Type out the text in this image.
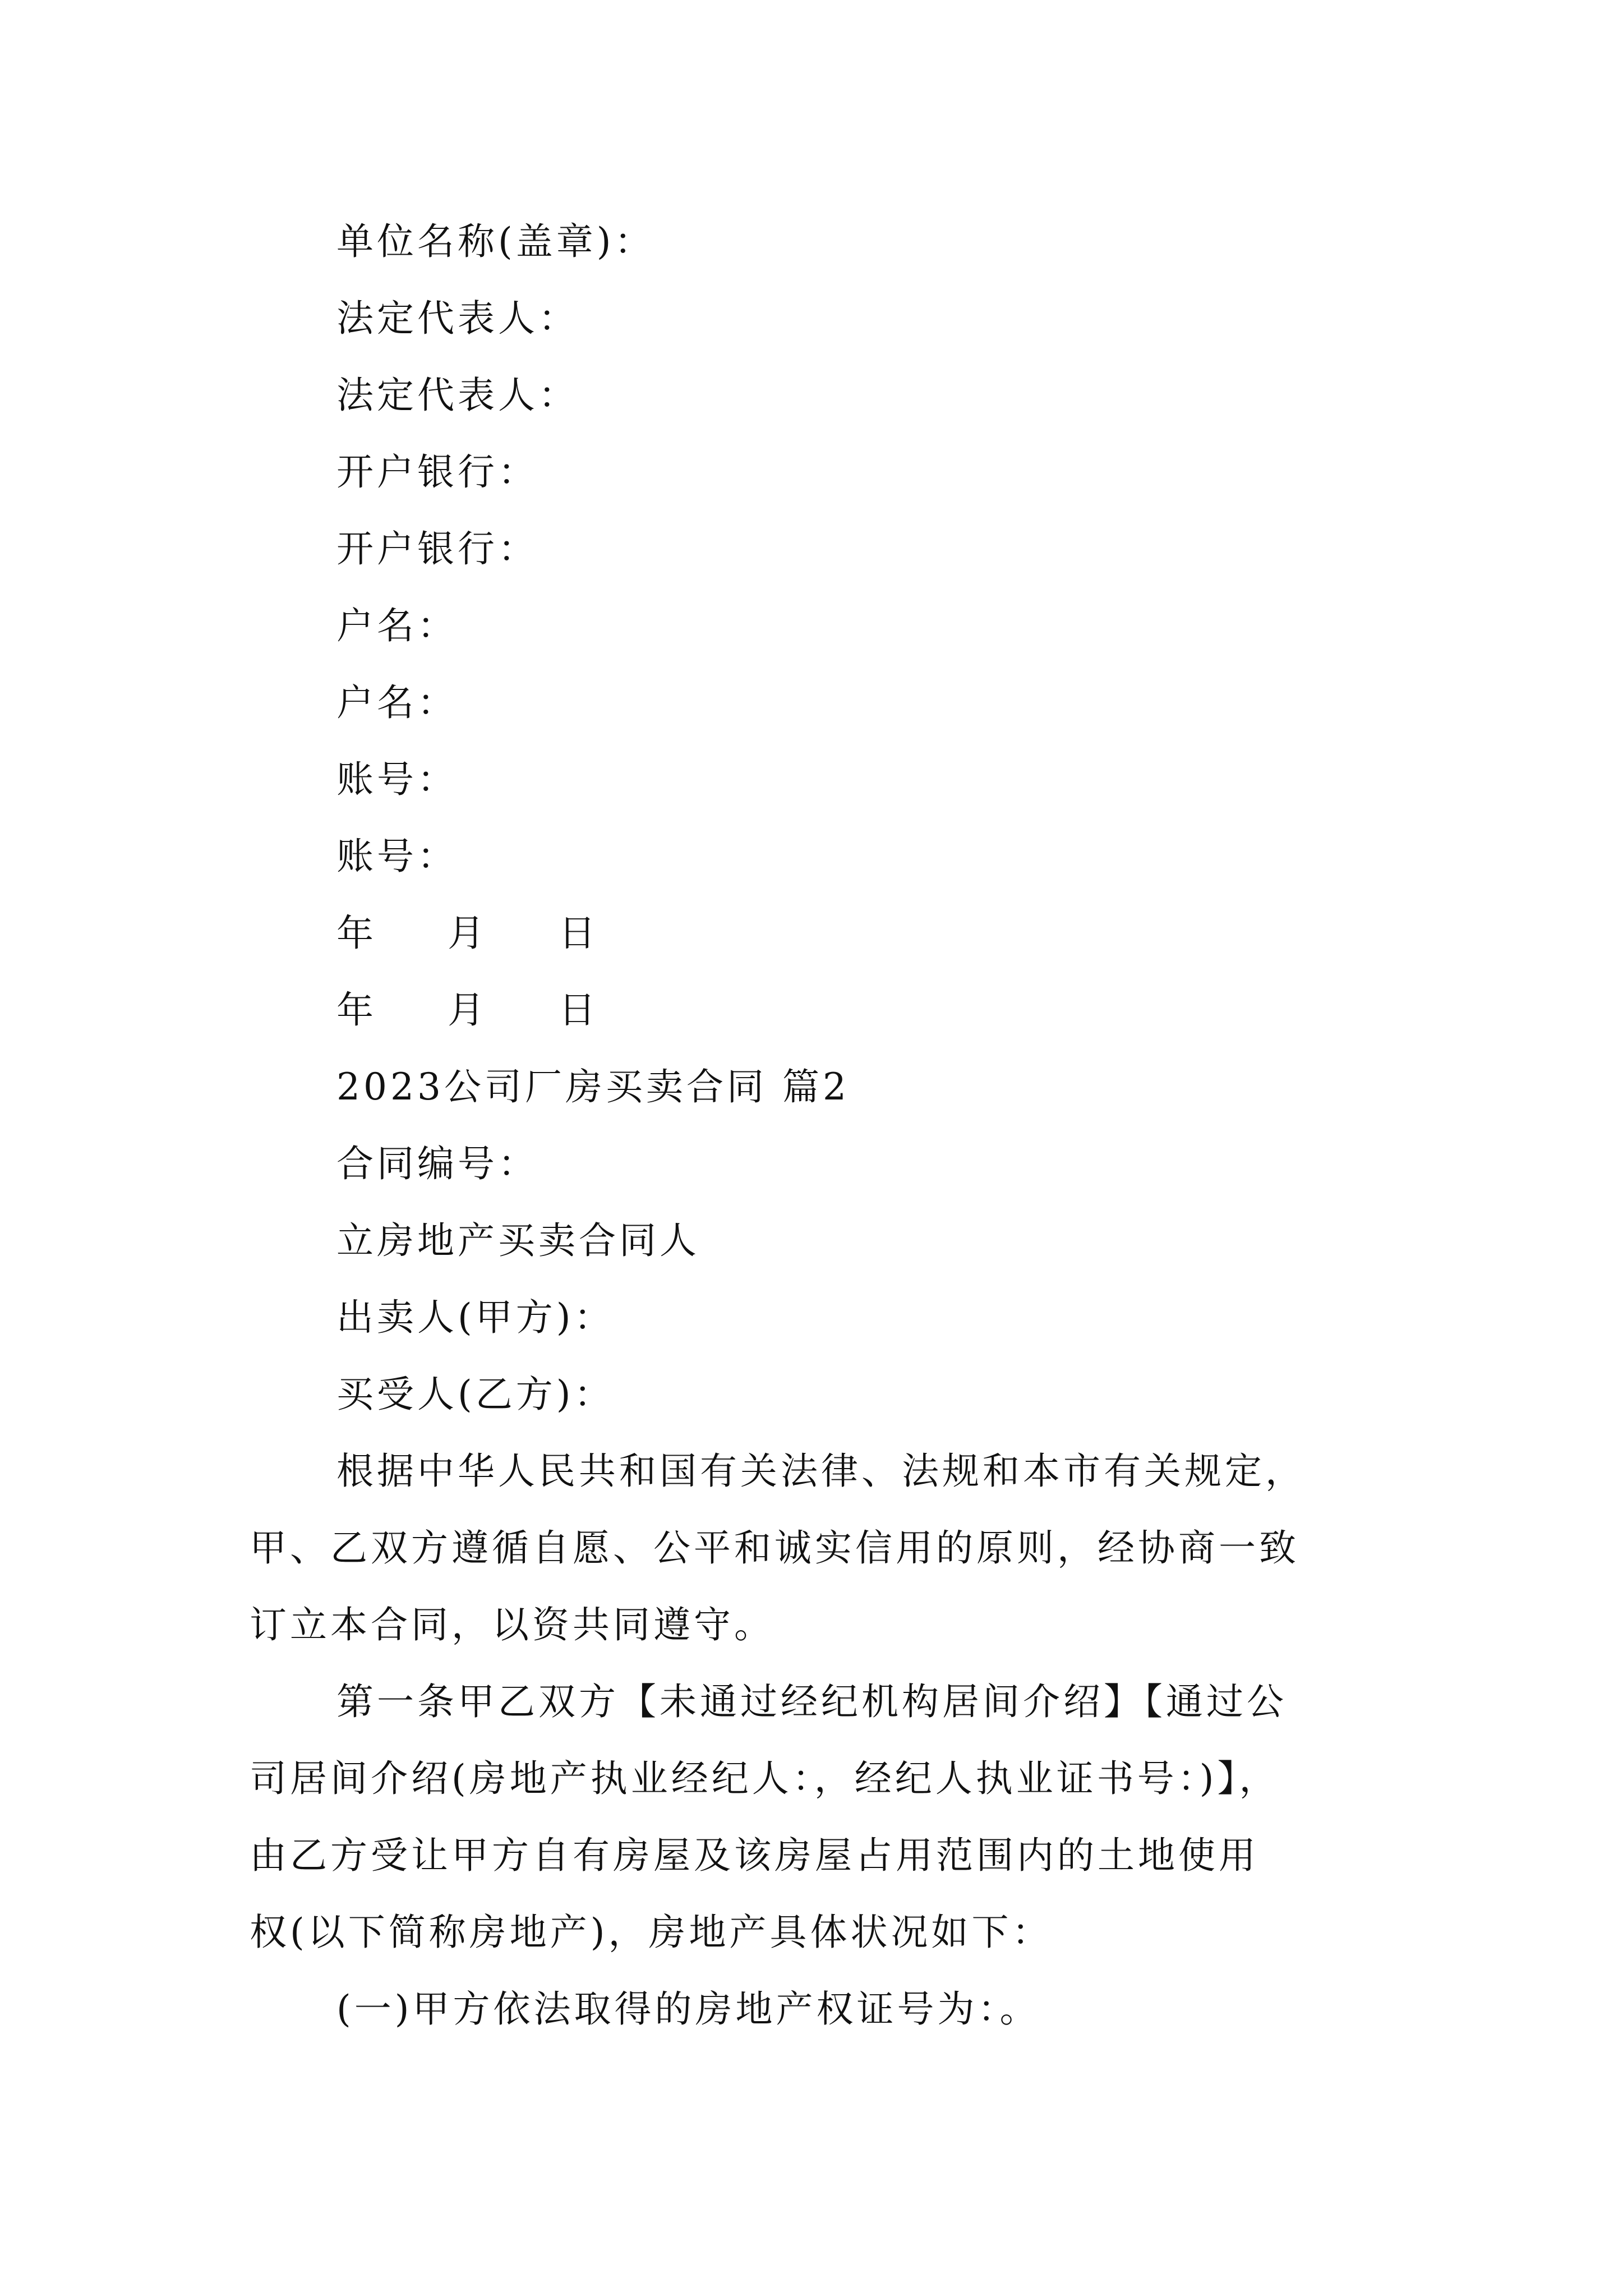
单位名称(盖章)：
法定代表人：
法定代表人：
开户银行：
开户银行：
户名：
户名：
账号：
账号：
年 月 日
年 月 日
2023公司厂房买卖合同 篇2
合同编号：
立房地产买卖合同人
出卖人(甲方)：
买受人(乙方)：
根据中华人民共和国有关法律、法规和本市有关规定，
甲、乙双方遵循自愿、公平和诚实信用的原则，经协商一致
订立本合同，以资共同遵守。
第一条甲乙双方【未通过经纪机构居间介绍】【通过公
司居间介绍(房地产执业经纪人：，经纪人执业证书号：)】，
由乙方受让甲方自有房屋及该房屋占用范围内的土地使用
权(以下简称房地产)，房地产具体状况如下：
(一)甲方依法取得的房地产权证号为：。
